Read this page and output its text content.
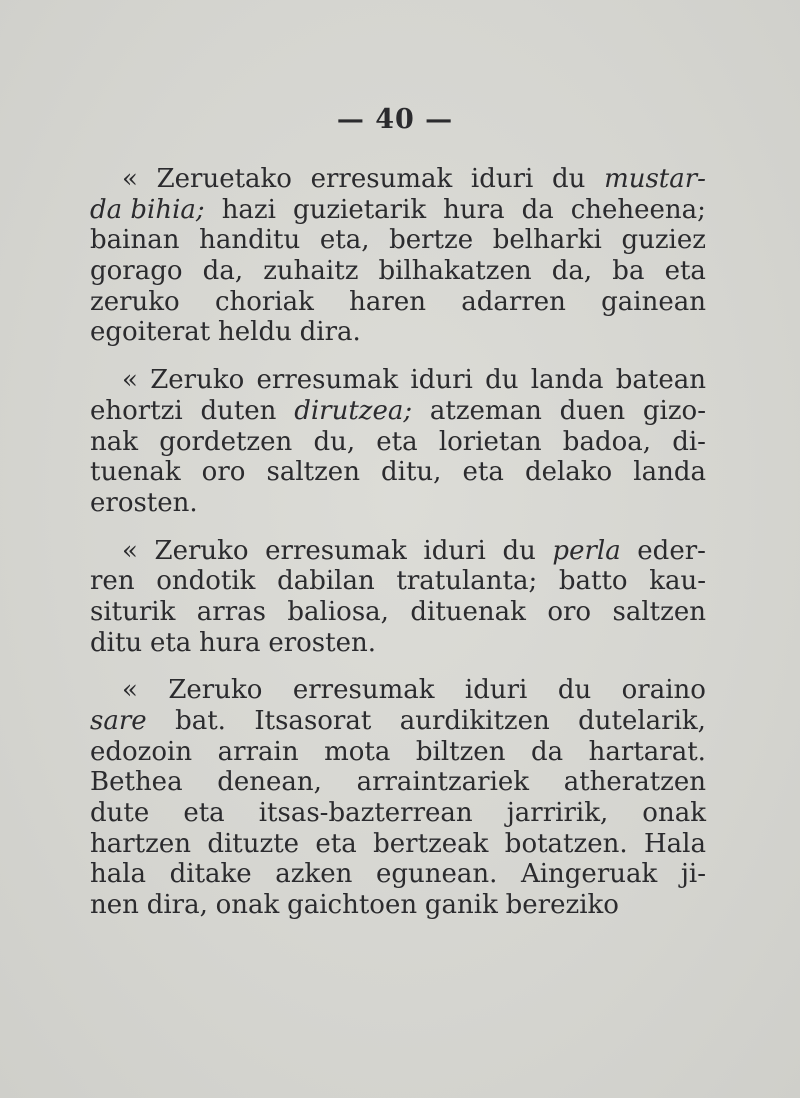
— 40 —
« Zeruetako erresumak iduri du mustar-
da bihia; hazi guzietarik hura da cheheena;
bainan handitu eta, bertze belharki guziez
gorago da, zuhaitz bilhakatzen da, ba eta
zeruko choriak haren adarren gainean
egoiterat heldu dira.
« Zeruko erresumak iduri du landa batean
ehortzi duten dirutzea; atzeman duen gizo-
nak gordetzen du, eta lorietan badoa, di-
tuenak oro saltzen ditu, eta delako landa
erosten.
« Zeruko erresumak iduri du perla eder-
ren ondotik dabilan tratulanta; batto kau-
siturik arras baliosa, dituenak oro saltzen
ditu eta hura erosten.
« Zeruko erresumak iduri du oraino
sare bat. Itsasorat aurdikitzen dutelarik,
edozoin arrain mota biltzen da hartarat.
Bethea denean, arraintzariek atheratzen
dute eta itsas-bazterrean jarririk, onak
hartzen dituzte eta bertzeak botatzen. Hala
hala ditake azken egunean. Aingeruak ji-
nen dira, onak gaichtoen ganik bereziko
